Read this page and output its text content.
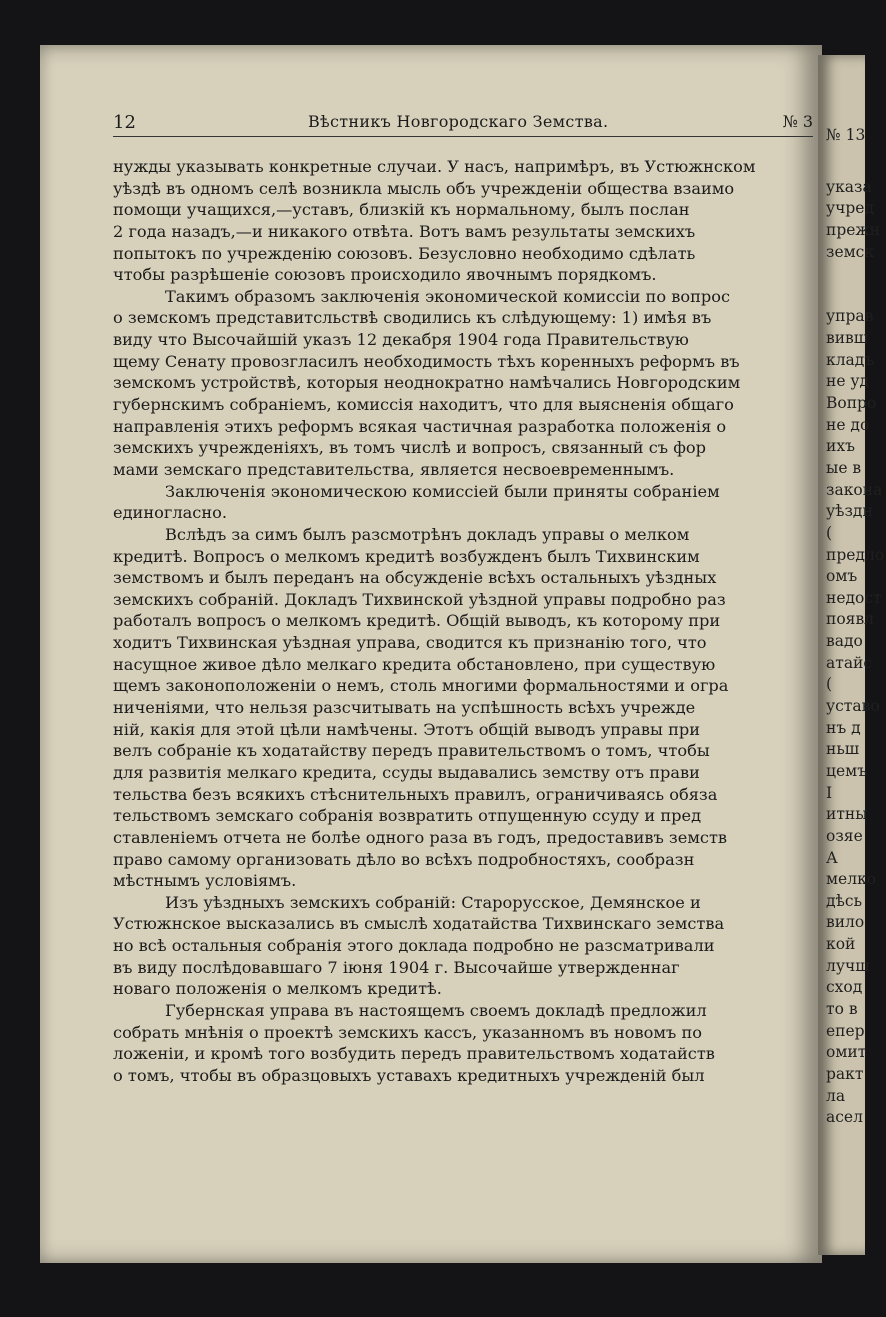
№ 13
указа
учред
прежн
земск
управ
вивш
кладъ
не уд
Вопро
не до
ихъ
ые в
закона
уѣздн
(
предло
омъ
недост
появл
вадо
атайс
(
уставо
нъ д
ньш
цемъ
I
итны
озяе
А
мелко
дѣсь
вило
кой
лучш
сход
то в
епер
омит
ракт
ла
асел
12	Вѣстникъ Новгородскаго Земства.	№ 3
нужды указывать конкретные случаи. У насъ, напримѣръ, въ Устюжнском
уѣздѣ въ одномъ селѣ возникла мысль объ учрежденіи общества взаимо
помощи учащихся,—уставъ, близкій къ нормальному, былъ послан
2 года назадъ,—и никакого отвѣта. Вотъ вамъ результаты земскихъ
попытокъ по учрежденію союзовъ. Безусловно необходимо сдѣлать
чтобы разрѣшеніе союзовъ происходило явочнымъ порядкомъ.
Такимъ образомъ заключенія экономической комиссіи по вопрос
о земскомъ представитсльствѣ сводились къ слѣдующему: 1) имѣя въ
виду что Высочайшій указъ 12 декабря 1904 года Правительствую
щему Сенату провозгласилъ необходимость тѣхъ коренныхъ реформъ въ
земскомъ устройствѣ, которыя неоднократно намѣчались Новгородским
губернскимъ собраніемъ, комиссія находитъ, что для выясненія общаго
направленія этихъ реформъ всякая частичная разработка положенія о
земскихъ учрежденіяхъ, въ томъ числѣ и вопросъ, связанный съ фор
мами земскаго представительства, является несвоевременнымъ.
Заключенія экономическою комиссіей были приняты собраніем
единогласно.
Вслѣдъ за симъ былъ разсмотрѣнъ докладъ управы о мелком
кредитѣ. Вопросъ о мелкомъ кредитѣ возбужденъ былъ Тихвинским
земствомъ и былъ переданъ на обсужденіе всѣхъ остальныхъ уѣздных
земскихъ собраній. Докладъ Тихвинской уѣздной управы подробно раз
работалъ вопросъ о мелкомъ кредитѣ. Общій выводъ, къ которому при
ходитъ Тихвинская уѣздная управа, сводится къ признанію того, что
насущное живое дѣло мелкаго кредита обстановлено, при существую
щемъ законоположеніи о немъ, столь многими формальностями и огра
ниченіями, что нельзя разсчитывать на успѣшность всѣхъ учрежде
ній, какія для этой цѣли намѣчены. Этотъ общій выводъ управы при
велъ собраніе къ ходатайству передъ правительствомъ о томъ, чтобы
для развитія мелкаго кредита, ссуды выдавались земству отъ прави
тельства безъ всякихъ стѣснительныхъ правилъ, ограничиваясь обяза
тельствомъ земскаго собранія возвратить отпущенную ссуду и пред
ставленіемъ отчета не болѣе одного раза въ годъ, предоставивъ земств
право самому организовать дѣло во всѣхъ подробностяхъ, сообразн
мѣстнымъ условіямъ.
Изъ уѣздныхъ земскихъ собраній: Старорусское, Демянское и
Устюжнское высказались въ смыслѣ ходатайства Тихвинскаго земства
но всѣ остальныя собранія этого доклада подробно не разсматривали
въ виду послѣдовавшаго 7 іюня 1904 г. Высочайше утвержденнаг
новаго положенія о мелкомъ кредитѣ.
Губернская управа въ настоящемъ своемъ докладѣ предложил
собрать мнѣнія о проектѣ земскихъ кассъ, указанномъ въ новомъ по
ложеніи, и кромѣ того возбудить передъ правительствомъ ходатайств
о томъ, чтобы въ образцовыхъ уставахъ кредитныхъ учрежденій был
